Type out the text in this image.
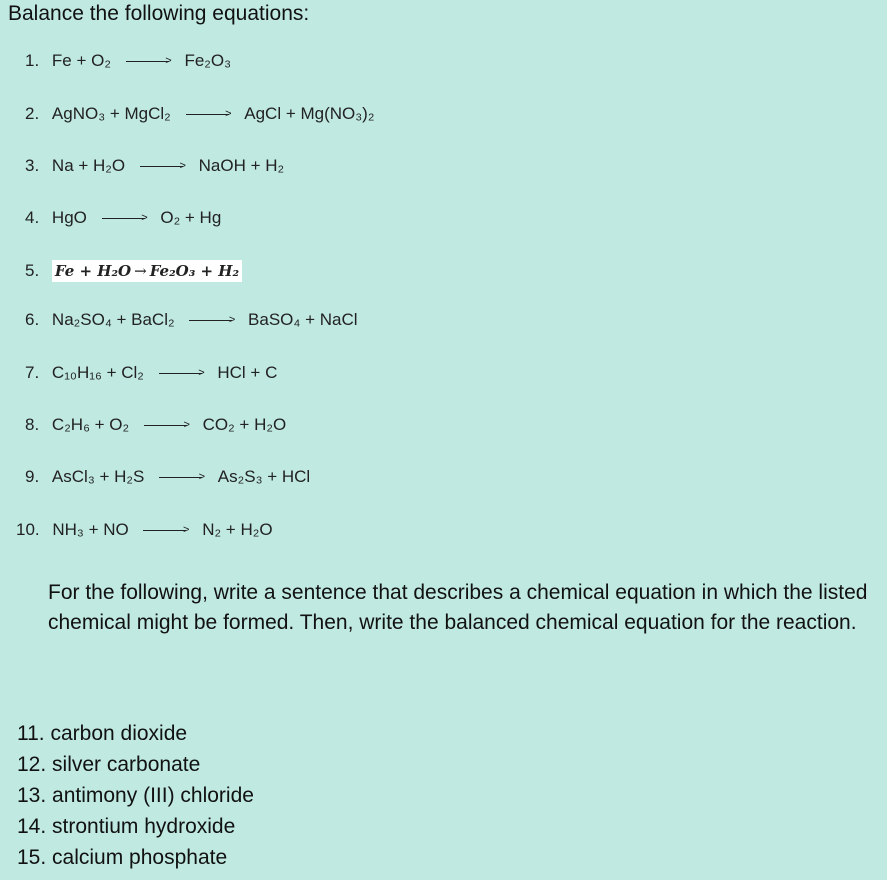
Balance the following equations:
1. Fe + O₂	> Fe₂O₃
2. AgNO₃ + MgCl₂	> AgCl + Mg(NO₃)₂
3. Na + H₂O	> NaOH + H₂
4. HgO	> O₂ + Hg
5. Fe + H₂O → Fe₂O₃ + H₂
6. Na₂SO₄ + BaCl₂	> BaSO₄ + NaCl
7. C₁₀H₁₆ + Cl₂	> HCl + C
8. C₂H₆ + O₂	> CO₂ + H₂O
9. AsCl₃ + H₂S	> As₂S₃ + HCl
10. NH₃ + NO	> N₂ + H₂O
For the following, write a sentence that describes a chemical equation in which the listed chemical might be formed. Then, write the balanced chemical equation for the reaction.
11. carbon dioxide
12. silver carbonate
13. antimony (III) chloride
14. strontium hydroxide
15. calcium phosphate
